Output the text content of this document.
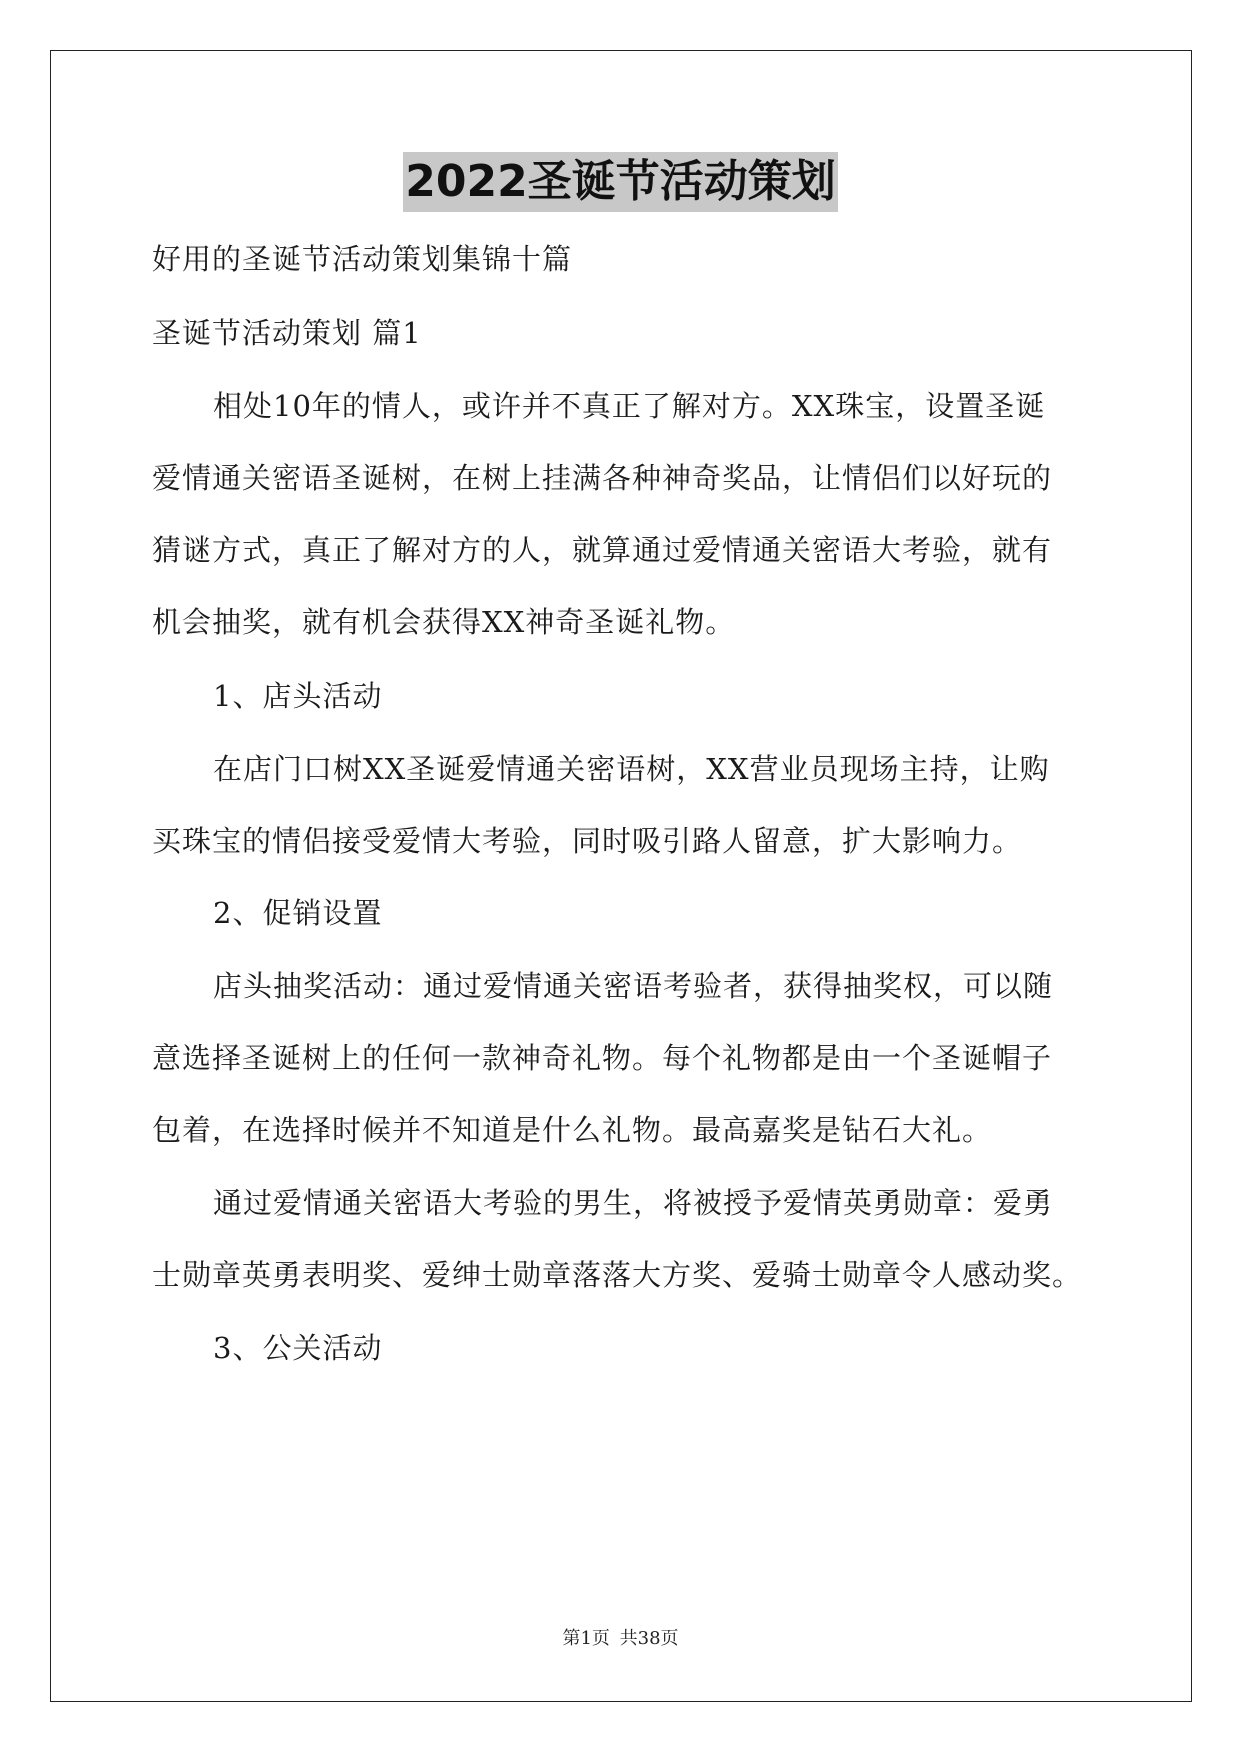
2022圣诞节活动策划
好用的圣诞节活动策划集锦十篇
圣诞节活动策划 篇1
相处10年的情人，或许并不真正了解对方。XX珠宝，设置圣诞
爱情通关密语圣诞树，在树上挂满各种神奇奖品，让情侣们以好玩的
猜谜方式，真正了解对方的人，就算通过爱情通关密语大考验，就有
机会抽奖，就有机会获得XX神奇圣诞礼物。
1、店头活动
在店门口树XX圣诞爱情通关密语树，XX营业员现场主持，让购
买珠宝的情侣接受爱情大考验，同时吸引路人留意，扩大影响力。
2、促销设置
店头抽奖活动：通过爱情通关密语考验者，获得抽奖权，可以随
意选择圣诞树上的任何一款神奇礼物。每个礼物都是由一个圣诞帽子
包着，在选择时候并不知道是什么礼物。最高嘉奖是钻石大礼。
通过爱情通关密语大考验的男生，将被授予爱情英勇勋章：爱勇
士勋章英勇表明奖、爱绅士勋章落落大方奖、爱骑士勋章令人感动奖。
3、公关活动
第1页 共38页
